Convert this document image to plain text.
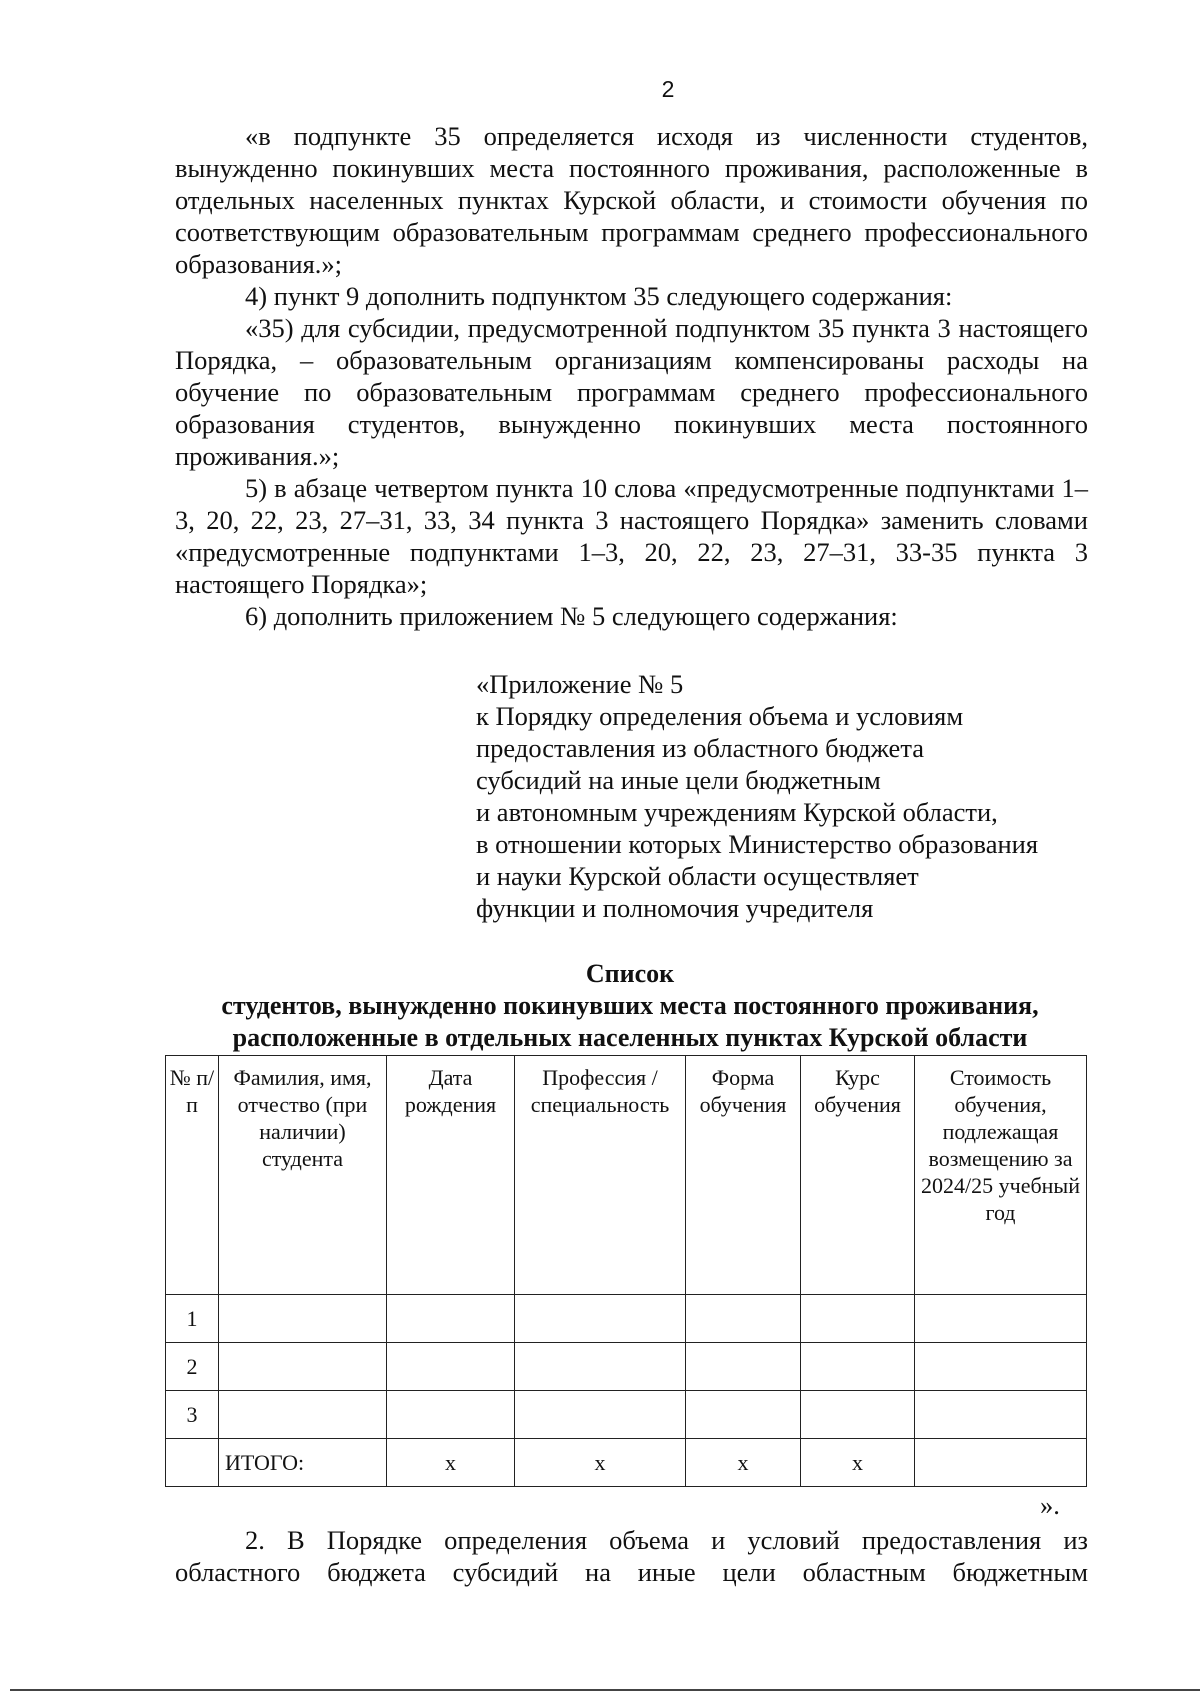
2

«в подпункте 35 определяется исходя из численности студентов, вынужденно покинувших места постоянного проживания, расположенные в отдельных населенных пунктах Курской области, и стоимости обучения по соответствующим образовательным программам среднего профессионального образования.»;

4) пункт 9 дополнить подпунктом 35 следующего содержания:

«35) для субсидии, предусмотренной подпунктом 35 пункта 3 настоящего Порядка, – образовательным организациям компенсированы расходы на обучение по образовательным программам среднего профессионального образования студентов, вынужденно покинувших места постоянного проживания.»;

5) в абзаце четвертом пункта 10 слова «предусмотренные подпунктами 1–3, 20, 22, 23, 27–31, 33, 34 пункта 3 настоящего Порядка» заменить словами «предусмотренные подпунктами 1–3, 20, 22, 23, 27–31, 33-35 пункта 3 настоящего Порядка»;

6) дополнить приложением № 5 следующего содержания:

«Приложение № 5
к Порядку определения объема и условиям
предоставления из областного бюджета
субсидий на иные цели бюджетным
и автономным учреждениям Курской области,
в отношении которых Министерство образования
и науки Курской области осуществляет
функции и полномочия учредителя
Список
студентов, вынужденно покинувших места постоянного проживания,
расположенные в отдельных населенных пунктах Курской области
№ п/п	Фамилия, имя, отчество (при наличии) студента	Дата рождения	Профессия / специальность	Форма обучения	Курс обучения	Стоимость обучения, подлежащая возмещению за 2024/25 учебный год
1						
2						
3						
	ИТОГО:	x	x	x	x	
».

2. В Порядке определения объема и условий предоставления из областного бюджета субсидий на иные цели областным бюджетным
